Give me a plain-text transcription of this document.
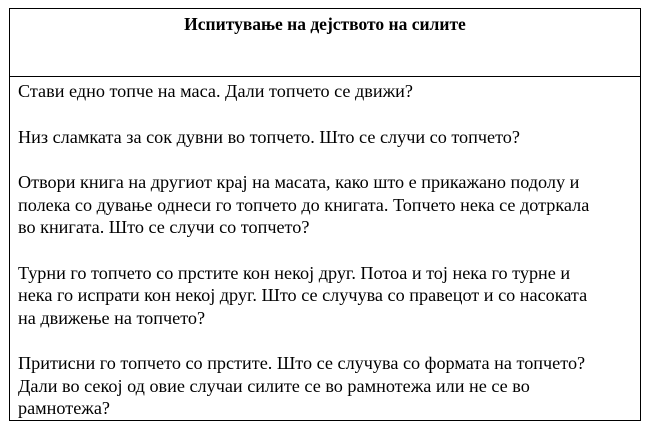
Испитување на дејството на силите

Стави едно топче на маса. Дали топчето се движи?

Низ сламката за сок дувни во топчето. Што се случи со топчето?

Отвори книга на другиот крај на масата, како што е прикажано подолу и
полека со дување однеси го топчето до книгата. Топчето нека се дотркала
во книгата. Што се случи со топчето?

Турни го топчето со прстите кон некој друг. Потоа и тој нека го турне и
нека го испрати кон некој друг. Што се случува со правецот и со насоката
на движење на топчето?

Притисни го топчето со прстите. Што се случува со формата на топчето?
Дали во секој од овие случаи силите се во рамнотежа или не се во
рамнотежа?
